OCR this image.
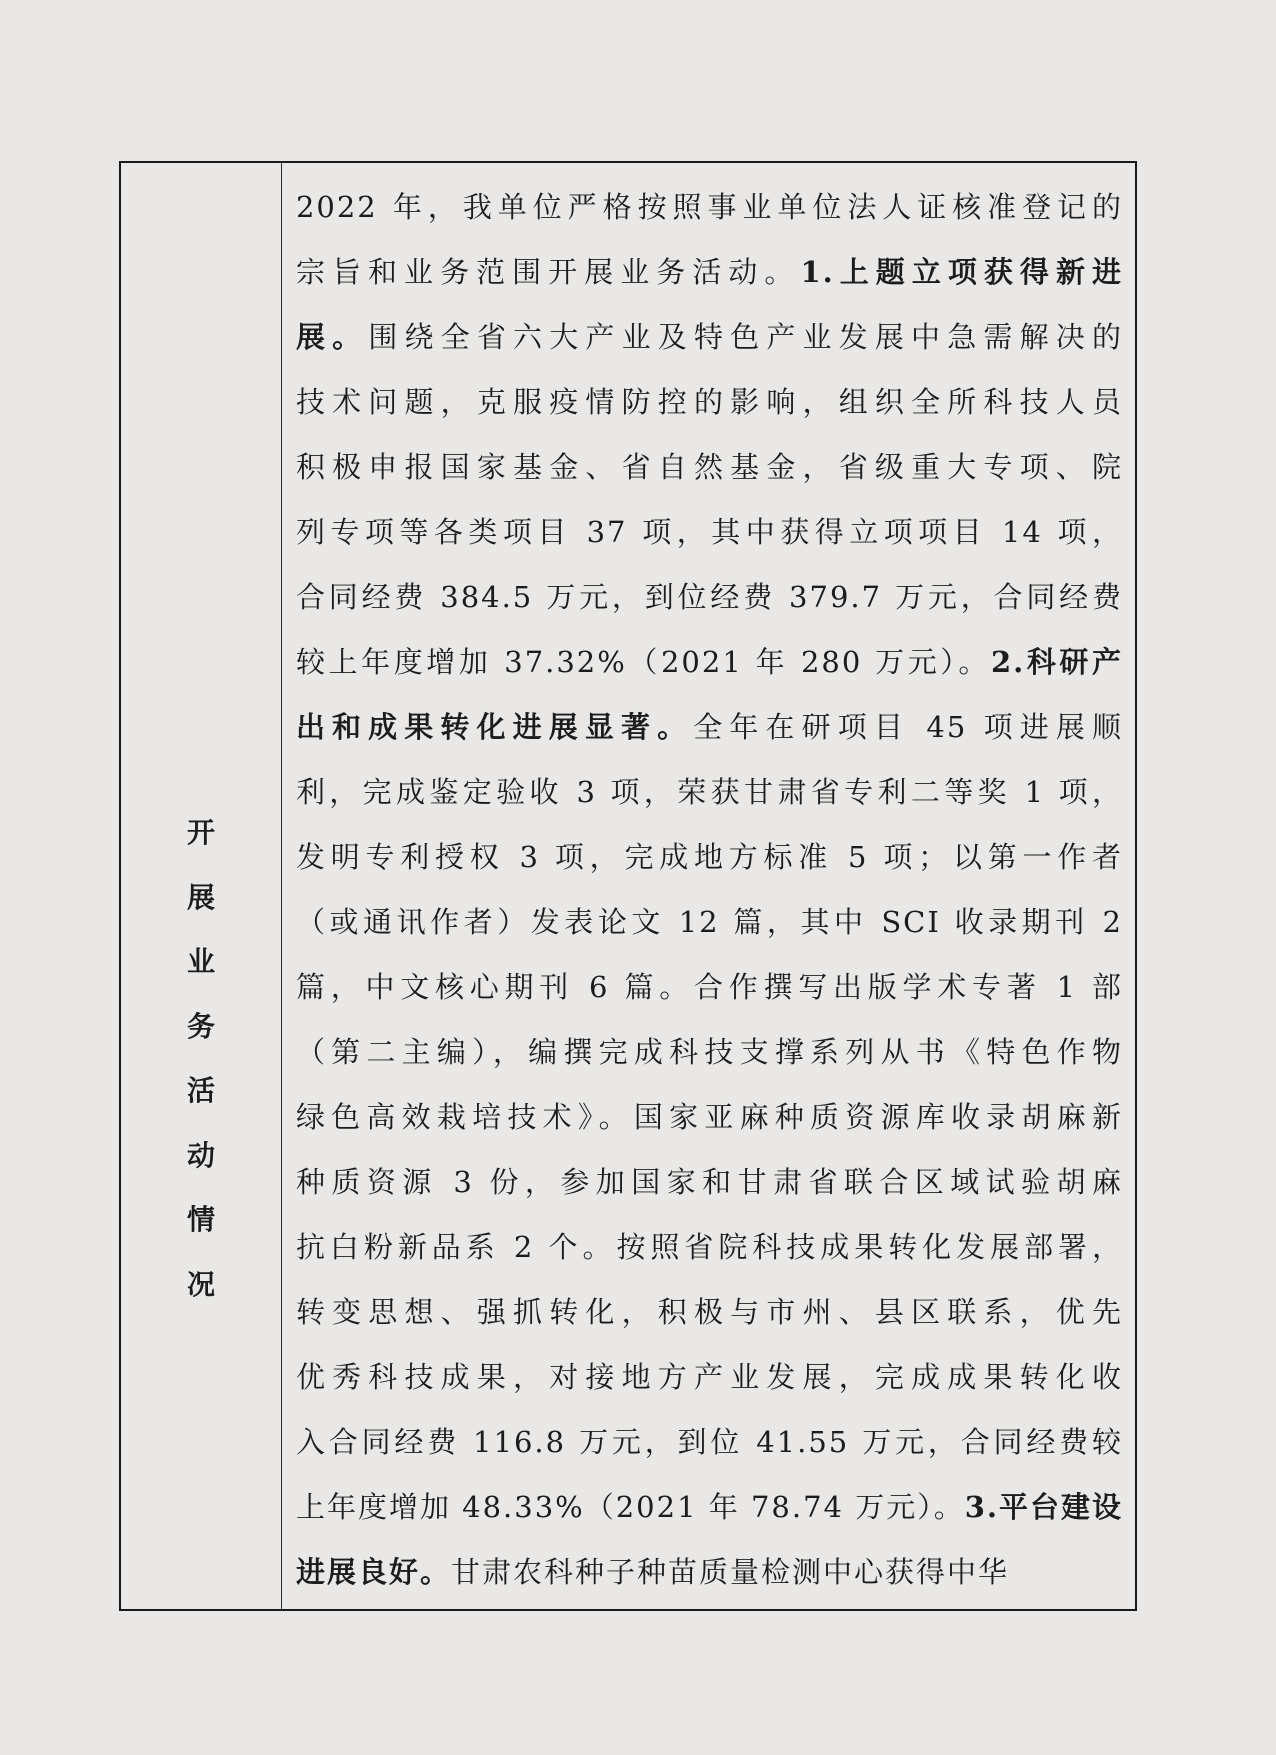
开
展
业
务
活
动
情
况
2022 年，我单位严格按照事业单位法人证核准登记的
宗旨和业务范围开展业务活动。1.上题立项获得新进
展。围绕全省六大产业及特色产业发展中急需解决的
技术问题，克服疫情防控的影响，组织全所科技人员
积极申报国家基金、省自然基金，省级重大专项、院
列专项等各类项目 37 项，其中获得立项项目 14 项，
合同经费 384.5 万元，到位经费 379.7 万元，合同经费
较上年度增加 37.32%（2021 年 280 万元）。2.科研产
出和成果转化进展显著。全年在研项目 45 项进展顺
利，完成鉴定验收 3 项，荣获甘肃省专利二等奖 1 项，
发明专利授权 3 项，完成地方标准 5 项；以第一作者
（或通讯作者）发表论文 12 篇，其中 SCI 收录期刊 2
篇，中文核心期刊 6 篇。合作撰写出版学术专著 1 部
（第二主编），编撰完成科技支撑系列从书《特色作物
绿色高效栽培技术》。国家亚麻种质资源库收录胡麻新
种质资源 3 份，参加国家和甘肃省联合区域试验胡麻
抗白粉新品系 2 个。按照省院科技成果转化发展部署，
转变思想、强抓转化，积极与市州、县区联系，优先
优秀科技成果，对接地方产业发展，完成成果转化收
入合同经费 116.8 万元，到位 41.55 万元，合同经费较
上年度增加 48.33%（2021 年 78.74 万元）。3.平台建设
进展良好。甘肃农科种子种苗质量检测中心获得中华
